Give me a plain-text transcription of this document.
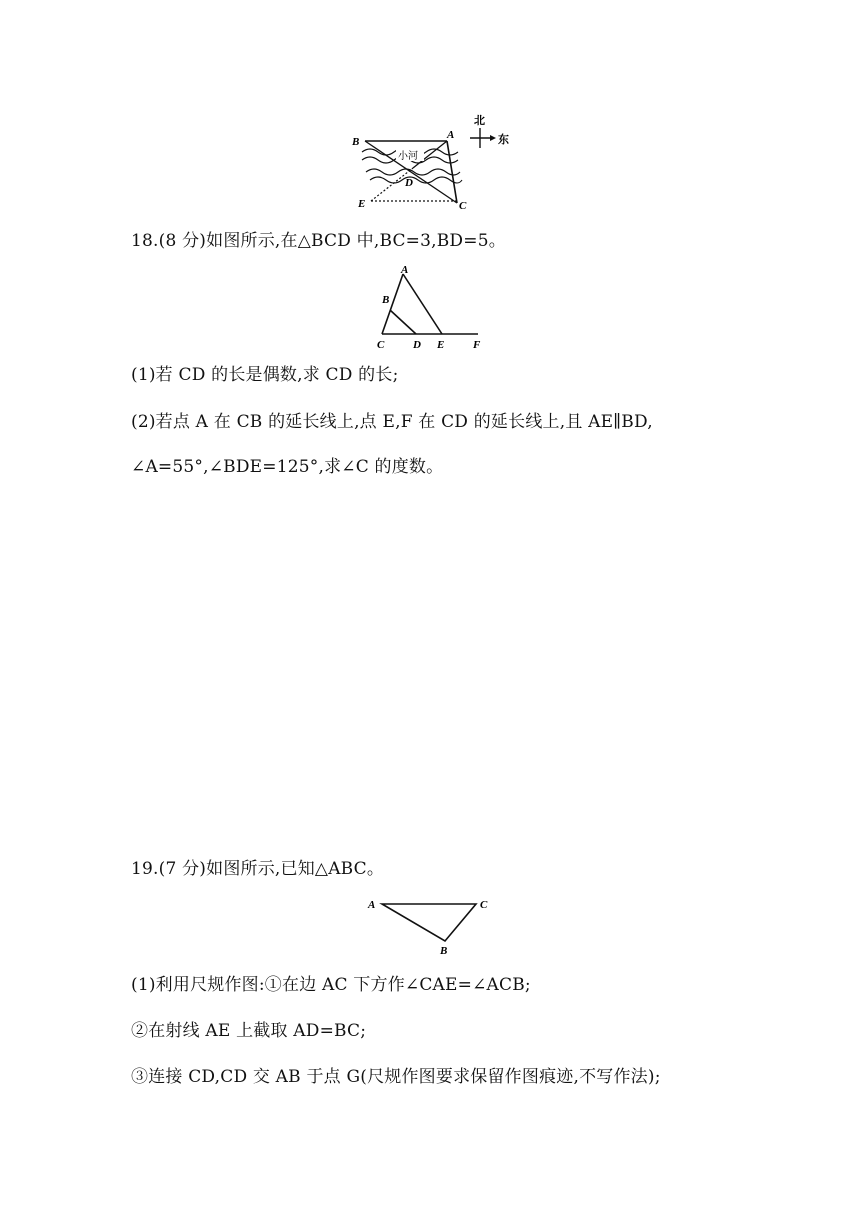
小河
B
A
D
E	C
北
东
18.(8 分)如图所示,在△BCD 中,BC=3,BD=5。
A
B
C	D E	F
(1)若 CD 的长是偶数,求 CD 的长;
(2)若点 A 在 CB 的延长线上,点 E,F 在 CD 的延长线上,且 AE∥BD,
∠A=55°,∠BDE=125°,求∠C 的度数。
19.(7 分)如图所示,已知△ABC。
A	C
B
(1)利用尺规作图:①在边 AC 下方作∠CAE=∠ACB;
②在射线 AE 上截取 AD=BC;
③连接 CD,CD 交 AB 于点 G(尺规作图要求保留作图痕迹,不写作法);
